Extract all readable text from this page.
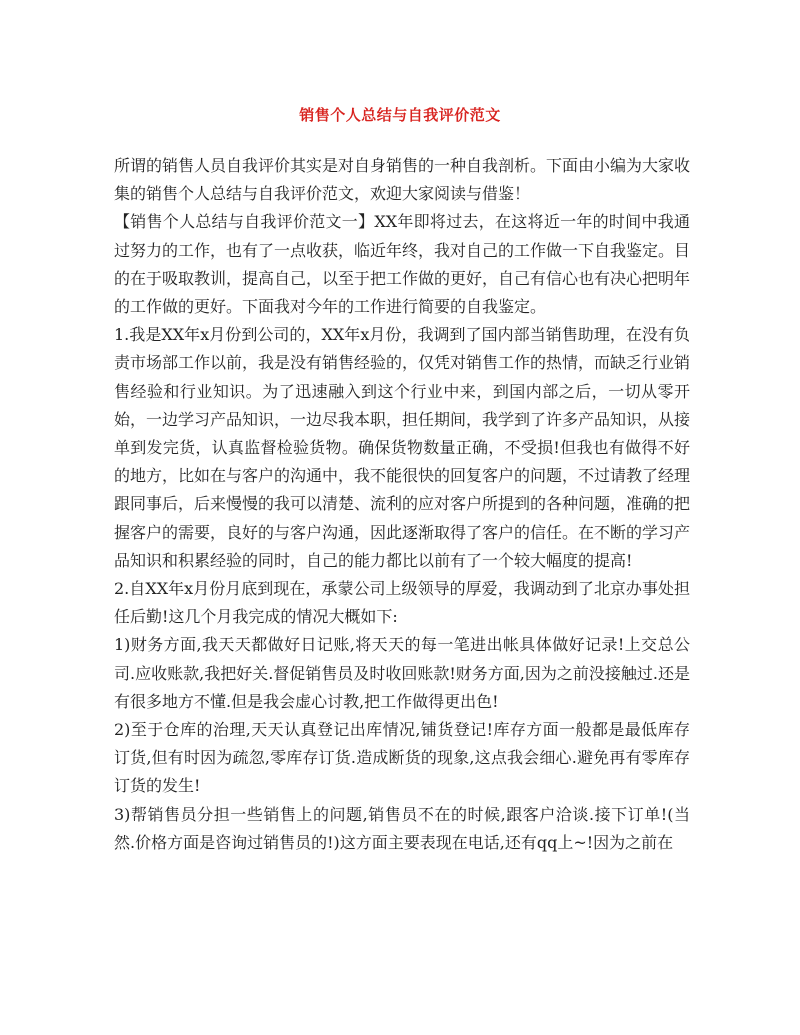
销售个人总结与自我评价范文

所谓的销售人员自我评价其实是对自身销售的一种自我剖析。下面由小编为大家收集的销售个人总结与自我评价范文，欢迎大家阅读与借鉴！

【销售个人总结与自我评价范文一】XX年即将过去，在这将近一年的时间中我通过努力的工作，也有了一点收获，临近年终，我对自己的工作做一下自我鉴定。目的在于吸取教训，提高自己，以至于把工作做的更好，自己有信心也有决心把明年的工作做的更好。下面我对今年的工作进行简要的自我鉴定。

1.我是XX年x月份到公司的，XX年x月份，我调到了国内部当销售助理，在没有负责市场部工作以前，我是没有销售经验的，仅凭对销售工作的热情，而缺乏行业销售经验和行业知识。为了迅速融入到这个行业中来，到国内部之后，一切从零开始，一边学习产品知识，一边尽我本职，担任期间，我学到了许多产品知识，从接单到发完货，认真监督检验货物。确保货物数量正确，不受损!但我也有做得不好的地方，比如在与客户的沟通中，我不能很快的回复客户的问题，不过请教了经理跟同事后，后来慢慢的我可以清楚、流利的应对客户所提到的各种问题，准确的把握客户的需要，良好的与客户沟通，因此逐渐取得了客户的信任。在不断的学习产品知识和积累经验的同时，自己的能力都比以前有了一个较大幅度的提高!

2.自XX年x月份月底到现在，承蒙公司上级领导的厚爱，我调动到了北京办事处担任后勤!这几个月我完成的情况大概如下:

1)财务方面,我天天都做好日记账,将天天的每一笔进出帐具体做好记录!上交总公司.应收账款,我把好关.督促销售员及时收回账款!财务方面,因为之前没接触过.还是有很多地方不懂.但是我会虚心讨教,把工作做得更出色!

2)至于仓库的治理,天天认真登记出库情况,铺货登记!库存方面一般都是最低库存订货,但有时因为疏忽,零库存订货.造成断货的现象,这点我会细心.避免再有零库存订货的发生!

3)帮销售员分担一些销售上的问题,销售员不在的时候,跟客户洽谈.接下订单!(当然.价格方面是咨询过销售员的!)这方面主要表现在电话,还有qq上~!因为之前在
